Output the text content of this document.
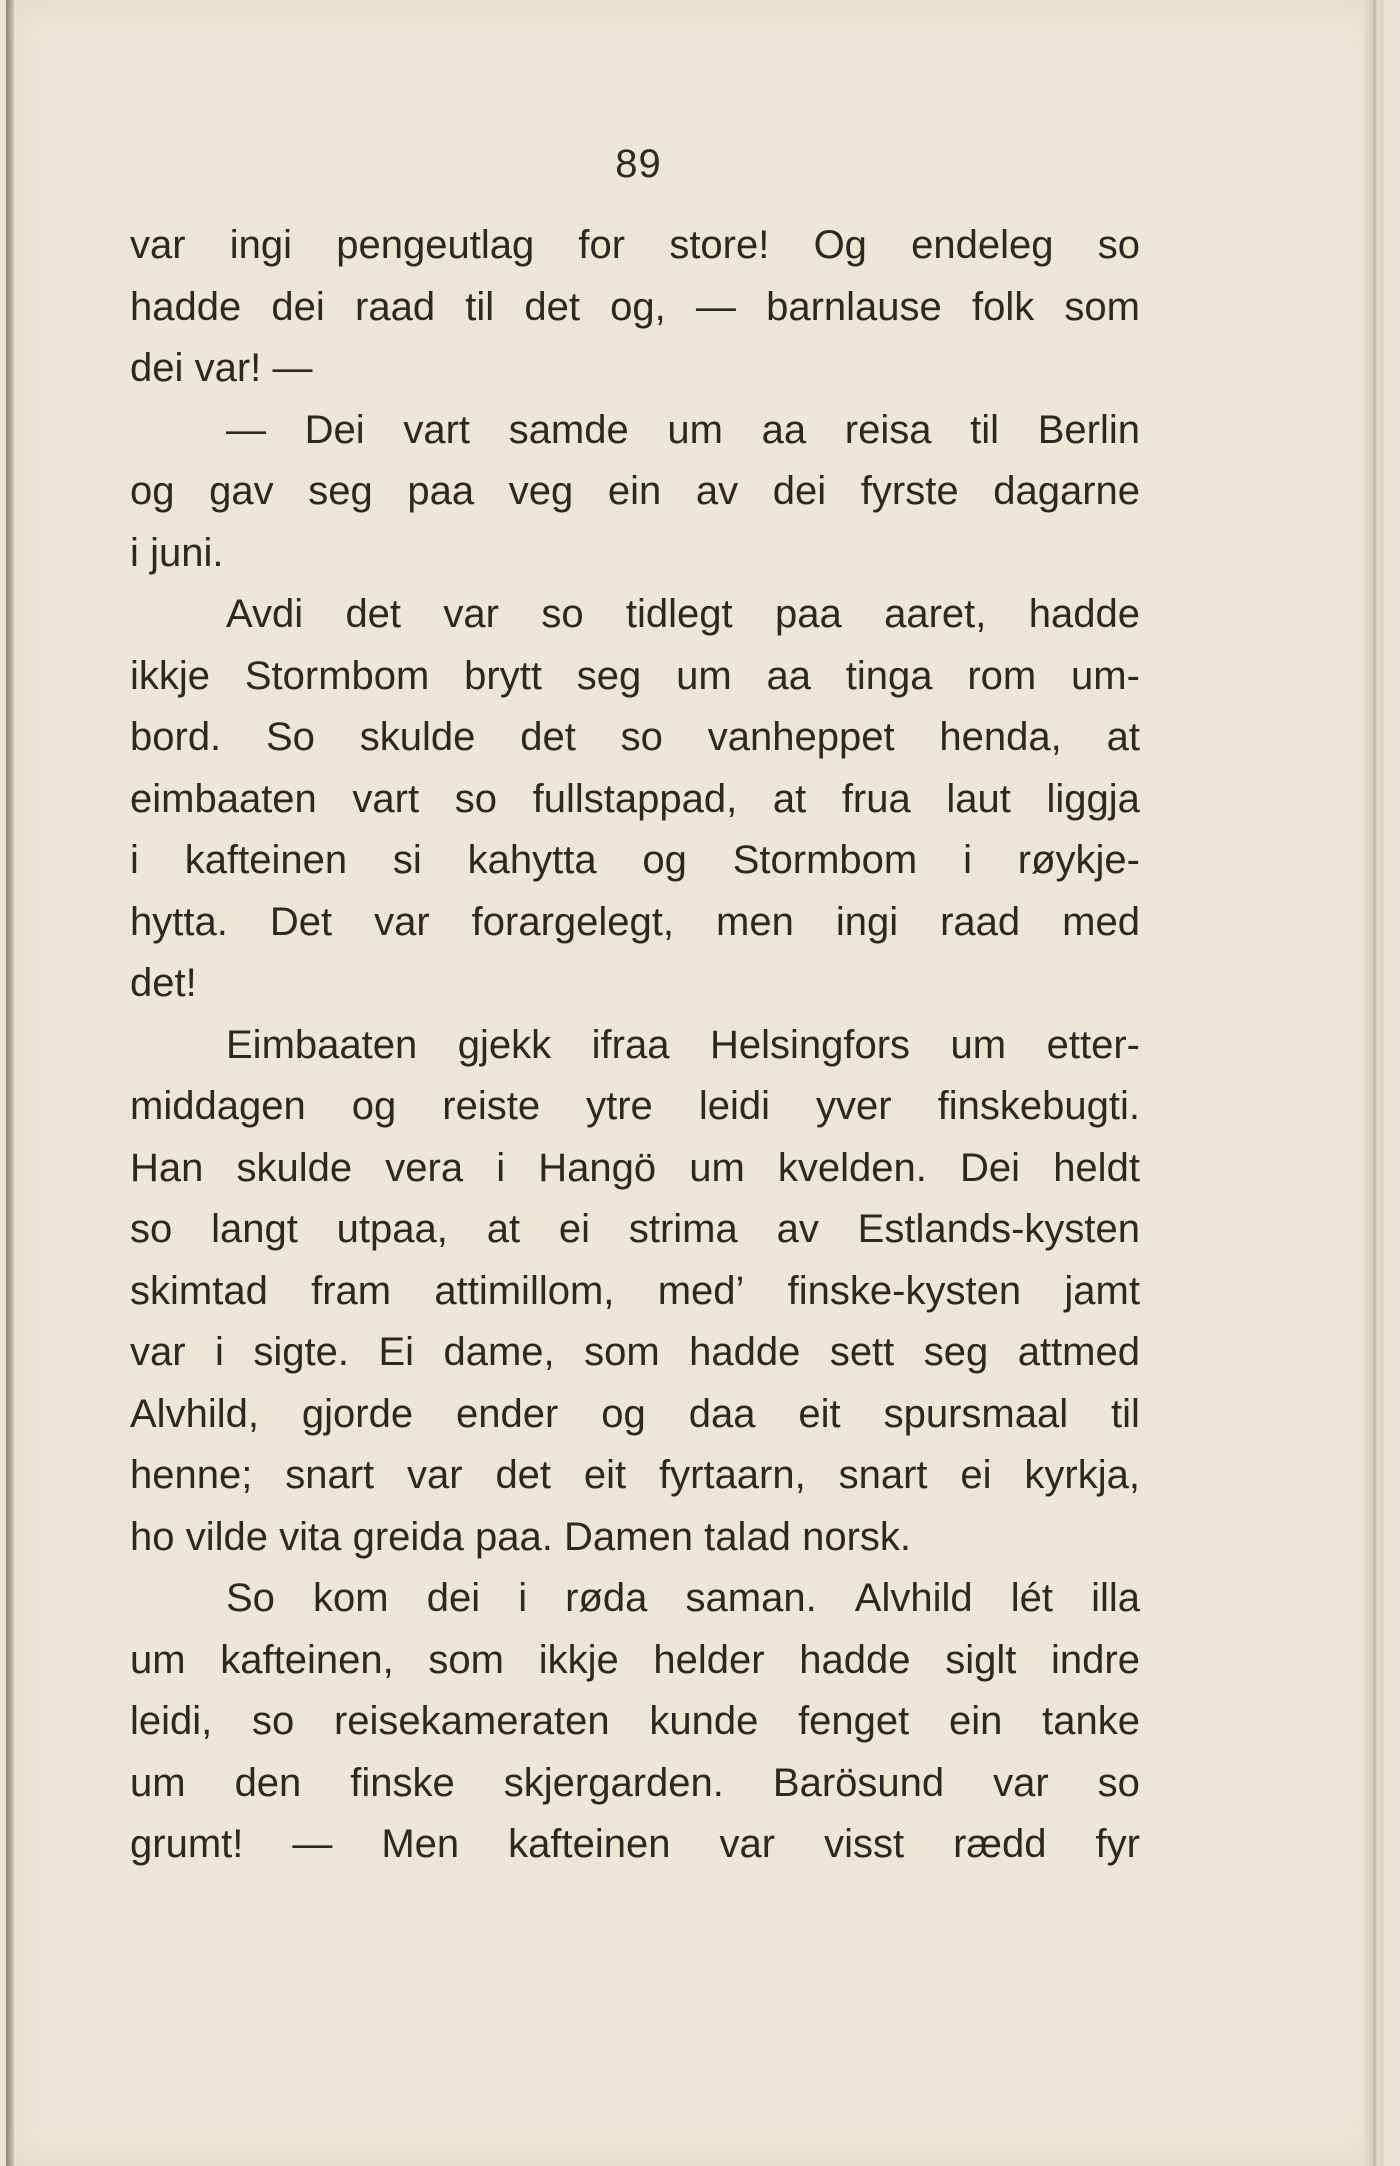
89
var ingi pengeutlag for store! Og endeleg so
hadde dei raad til det og, — barnlause folk som
dei var! —
— Dei vart samde um aa reisa til Berlin
og gav seg paa veg ein av dei fyrste dagarne
i juni.
Avdi det var so tidlegt paa aaret, hadde
ikkje Stormbom brytt seg um aa tinga rom um-
bord. So skulde det so vanheppet henda, at
eimbaaten vart so fullstappad, at frua laut liggja
i kafteinen si kahytta og Stormbom i røykje-
hytta. Det var forargelegt, men ingi raad med
det!
Eimbaaten gjekk ifraa Helsingfors um etter-
middagen og reiste ytre leidi yver finskebugti.
Han skulde vera i Hangö um kvelden. Dei heldt
so langt utpaa, at ei strima av Estlands-kysten
skimtad fram attimillom, med’ finske-kysten jamt
var i sigte. Ei dame, som hadde sett seg attmed
Alvhild, gjorde ender og daa eit spursmaal til
henne; snart var det eit fyrtaarn, snart ei kyrkja,
ho vilde vita greida paa. Damen talad norsk.
So kom dei i røda saman. Alvhild lét illa
um kafteinen, som ikkje helder hadde siglt indre
leidi, so reisekameraten kunde fenget ein tanke
um den finske skjergarden. Barösund var so
grumt! — Men kafteinen var visst rædd fyr
